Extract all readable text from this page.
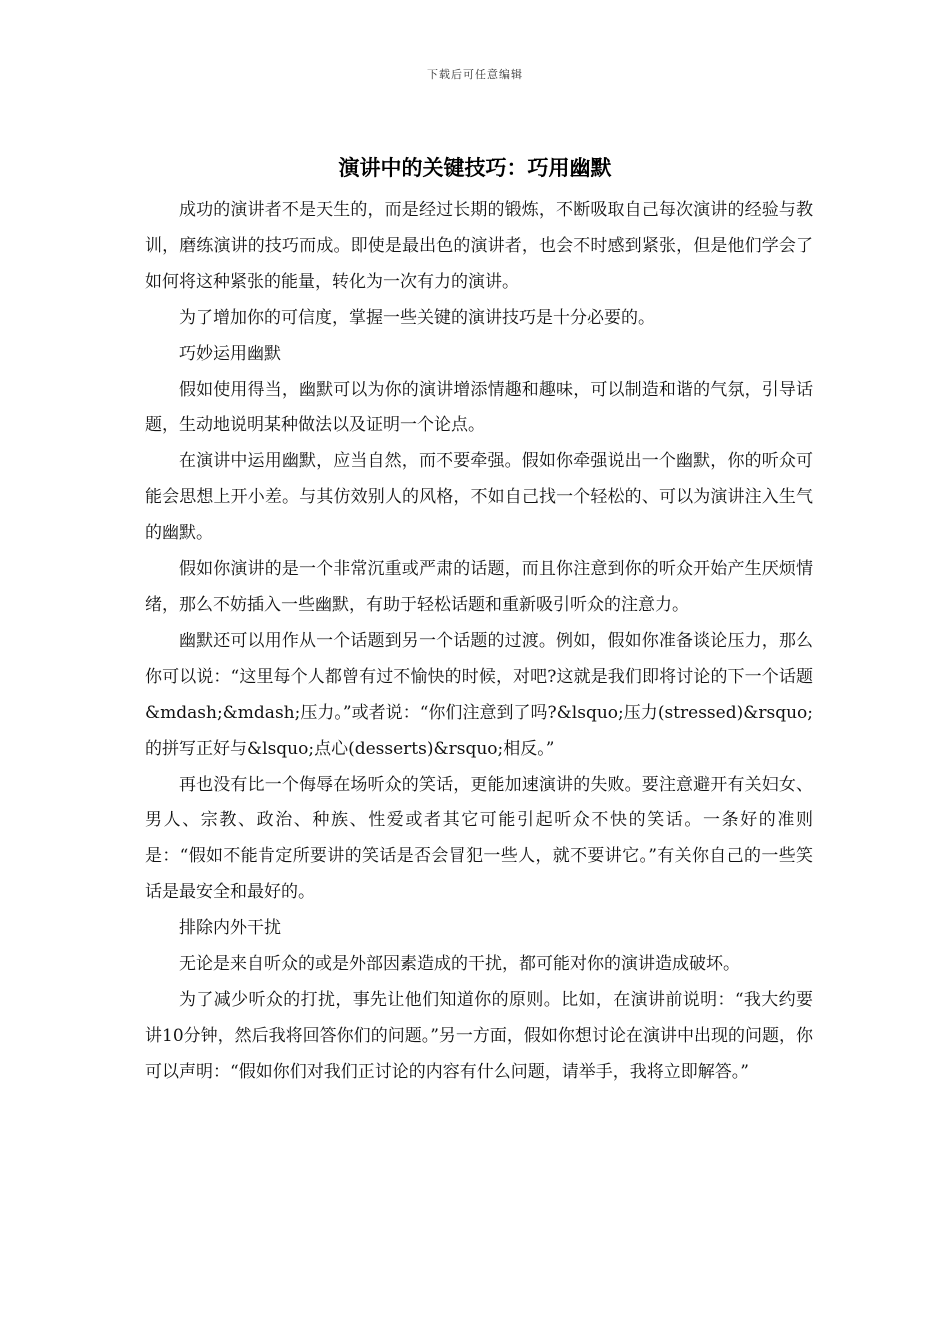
下载后可任意编辑
演讲中的关键技巧：巧用幽默

成功的演讲者不是天生的，而是经过长期的锻炼，不断吸取自己每次演讲的经验与教训，磨练演讲的技巧而成。即使是最出色的演讲者，也会不时感到紧张，但是他们学会了如何将这种紧张的能量，转化为一次有力的演讲。

为了增加你的可信度，掌握一些关键的演讲技巧是十分必要的。

巧妙运用幽默

假如使用得当，幽默可以为你的演讲增添情趣和趣味，可以制造和谐的气氛，引导话题，生动地说明某种做法以及证明一个论点。

在演讲中运用幽默，应当自然，而不要牵强。假如你牵强说出一个幽默，你的听众可能会思想上开小差。与其仿效别人的风格，不如自己找一个轻松的、可以为演讲注入生气的幽默。

假如你演讲的是一个非常沉重或严肃的话题，而且你注意到你的听众开始产生厌烦情绪，那么不妨插入一些幽默，有助于轻松话题和重新吸引听众的注意力。

幽默还可以用作从一个话题到另一个话题的过渡。例如，假如你准备谈论压力，那么你可以说：“这里每个人都曾有过不愉快的时候，对吧?这就是我们即将讨论的下一个话题&mdash;&mdash;压力。”或者说：“你们注意到了吗?&lsquo;压力(stressed)&rsquo;的拼写正好与&lsquo;点心(desserts)&rsquo;相反。”

再也没有比一个侮辱在场听众的笑话，更能加速演讲的失败。要注意避开有关妇女、男人、宗教、政治、种族、性爱或者其它可能引起听众不快的笑话。一条好的准则是：“假如不能肯定所要讲的笑话是否会冒犯一些人，就不要讲它。”有关你自己的一些笑话是最安全和最好的。

排除内外干扰

无论是来自听众的或是外部因素造成的干扰，都可能对你的演讲造成破坏。

为了减少听众的打扰，事先让他们知道你的原则。比如，在演讲前说明：“我大约要讲10分钟，然后我将回答你们的问题。”另一方面，假如你想讨论在演讲中出现的问题，你可以声明：“假如你们对我们正讨论的内容有什么问题，请举手，我将立即解答。”
